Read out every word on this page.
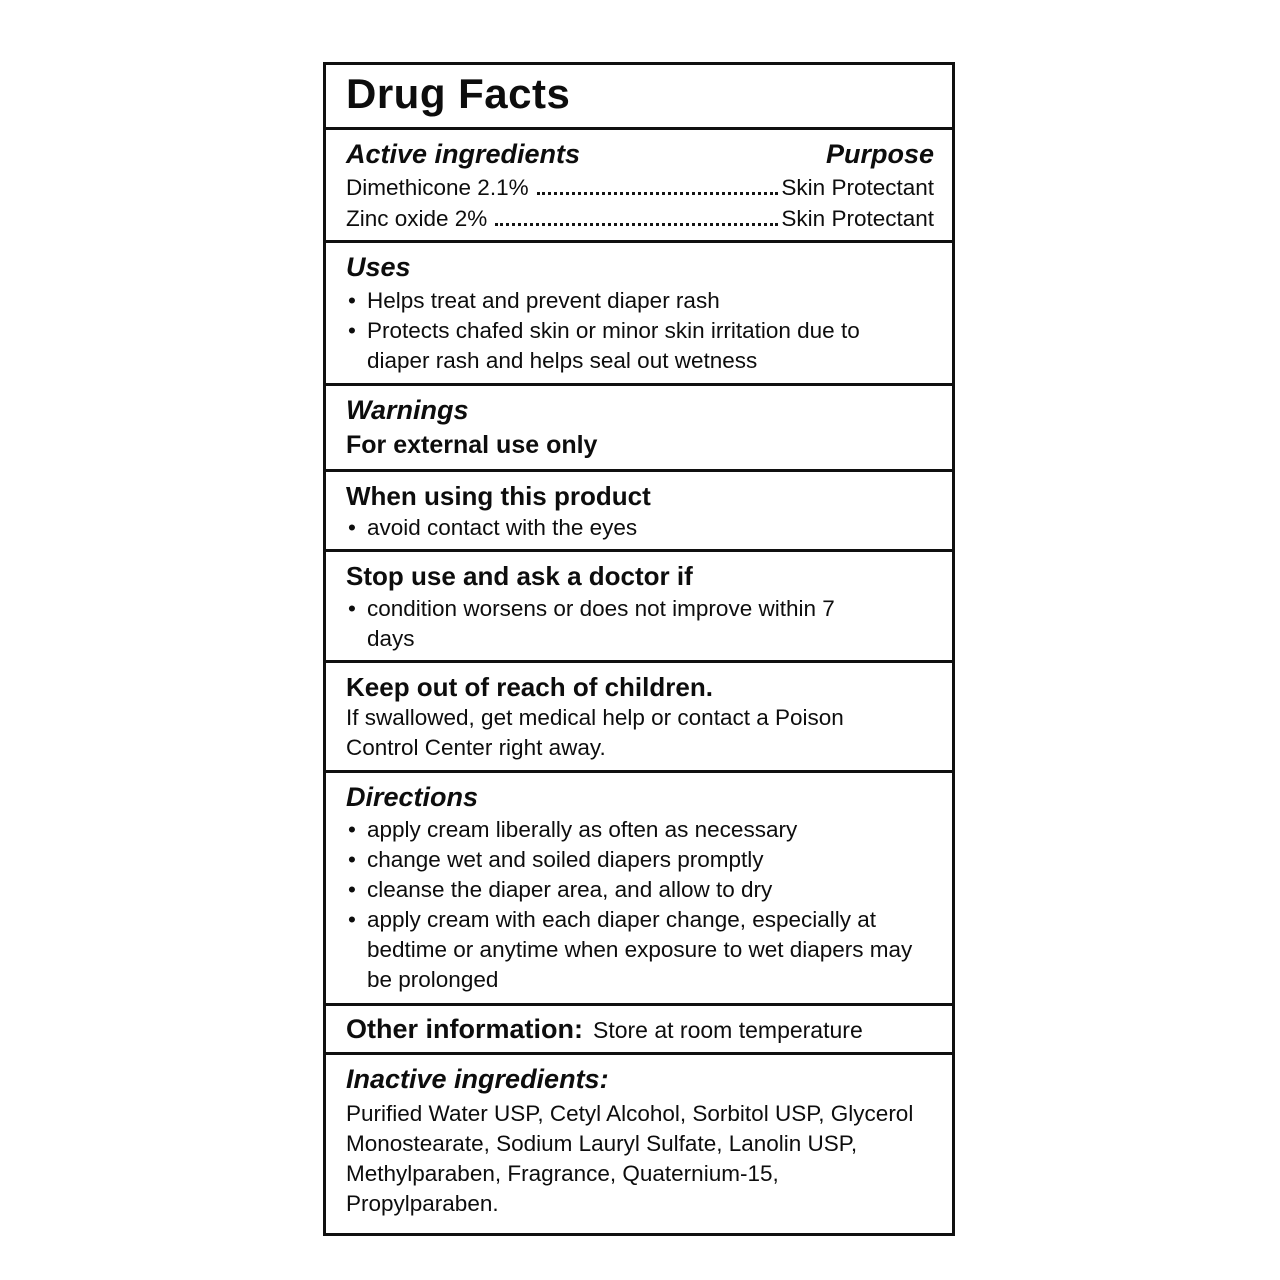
Drug Facts
Active ingredients	Purpose
Dimethicone 2.1%	Skin Protectant
Zinc oxide 2%	Skin Protectant
Uses
• Helps treat and prevent diaper rash
• Protects chafed skin or minor skin irritation due to diaper rash and helps seal out wetness
Warnings
For external use only
When using this product
• avoid contact with the eyes
Stop use and ask a doctor if
• condition worsens or does not improve within 7 days
Keep out of reach of children.
If swallowed, get medical help or contact a Poison Control Center right away.
Directions
• apply cream liberally as often as necessary
• change wet and soiled diapers promptly
• cleanse the diaper area, and allow to dry
• apply cream with each diaper change, especially at bedtime or anytime when exposure to wet diapers may be prolonged
Other information: Store at room temperature
Inactive ingredients:
Purified Water USP, Cetyl Alcohol, Sorbitol USP, Glycerol Monostearate, Sodium Lauryl Sulfate, Lanolin USP, Methylparaben, Fragrance, Quaternium-15, Propylparaben.
